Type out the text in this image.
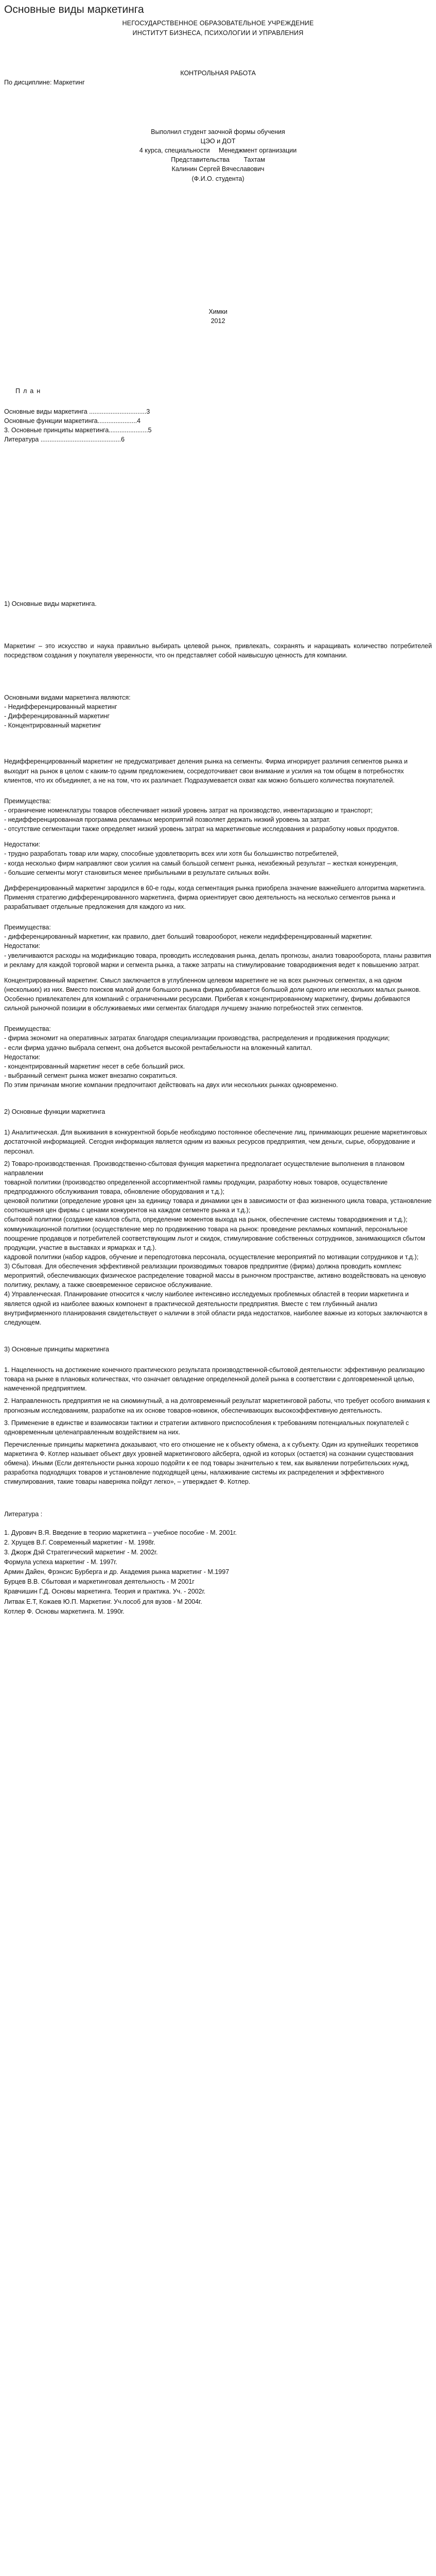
Основные виды маркетинга

НЕГОСУДАРСТВЕННОЕ ОБРАЗОВАТЕЛЬНОЕ УЧРЕЖДЕНИЕ

ИНСТИТУТ БИЗНЕСА, ПСИХОЛОГИИ И УПРАВЛЕНИЯ

КОНТРОЛЬНАЯ РАБОТА

По дисциплине: Маркетинг

Выполнил студент заочной формы обучения

ЦЭО и ДОТ

4 курса, специальности     Менеджмент организации

Представительства        Тахтам

Калинин Сергей Вячеславович

(Ф.И.О. студента)

Химки

2012

План

Основные виды маркетинга ................................3

Основные функции маркетинга......................4

3. Основные принципы маркетинга......................5

Литература .............................................6

1) Основные виды маркетинга.

Маркетинг – это искусство и наука правильно выбирать целевой рынок, привлекать, сохранять и наращивать количество потребителей посредством создания у покупателя уверенности, что он представляет собой наивысшую ценность для компании.

Основными видами маркетинга являются:

- Недифференцированный маркетинг

- Дифференцированный маркетинг

- Концентрированный маркетинг

Недифференцированный маркетинг не предусматривает деления рынка на сегменты. Фирма игнорирует различия сегментов рынка и выходит на рынок в целом с каким-то одним предложением, сосредоточивает свои внимание и усилия на том общем в потребностях клиентов, что их объединяет, а не на том, что их различает. Подразумевается охват как можно большего количества покупателей.

Преимущества:

- ограничение номенклатуры товаров обеспечивает низкий уровень затрат на производство, инвентаризацию и транспорт;
- недифференцированная программа рекламных мероприятий позволяет держать низкий уровень за затрат.
- отсутствие сегментации также определяет низкий уровень затрат на маркетинговые исследования и разработку новых продуктов.

Недостатки:

- трудно разработать товар или марку, способные удовлетворить всех или хотя бы большинство потребителей,
- когда несколько фирм направляют свои усилия на самый большой сегмент рынка, неизбежный результат – жесткая конкуренция,
- большие сегменты могут становиться менее прибыльными в результате сильных войн.

Дифференцированный маркетинг зародился в 60-е годы, когда сегментация рынка приобрела значение важнейшего алгоритма маркетинга. Применяя стратегию дифференцированного маркетинга, фирма ориентирует свою деятельность на несколько сегментов рынка и разрабатывает отдельные предложения для каждого из них.

Преимущества:

- дифференцированный маркетинг, как правило, дает больший товарооборот, нежели недифференцированный маркетинг.

Недостатки:

- увеличиваются расходы на модификацию товара, проводить исследования рынка, делать прогнозы, анализ товарооборота, планы развития и рекламу для каждой торговой марки и сегмента рынка, а также затраты на стимулирование товародвижения ведет к повышению затрат.

Концентрированный маркетинг. Смысл заключается в углубленном целевом маркетинге не на всех рыночных сегментах, а на одном (нескольких) из них. Вместо поисков малой доли большого рынка фирма добивается большой доли одного или нескольких малых рынков. Особенно привлекателен для компаний с ограниченными ресурсами. Прибегая к концентрированному маркетингу, фирмы добиваются сильной рыночной позиции в обслуживаемых ими сегментах благодаря лучшему знанию потребностей этих сегментов.

Преимущества:

- фирма экономит на оперативных затратах благодаря специализации производства, распределения и продвижения продукции;
- если фирма удачно выбрала сегмент, она добъется высокой рентабельности на вложенный капитал.

Недостатки:

- концентрированный маркетинг несет в себе больший риск.
- выбранный сегмент рынка может внезапно сократиться.

По этим причинам многие компании предпочитают действовать на двух или нескольких рынках одновременно.

2) Основные функции маркетинга

1) Аналитическая. Для выживания в конкурентной борьбе необходимо постоянное обеспечение лиц, принимающих решение маркетинговых достаточной информацией. Сегодня информация является одним из важных ресурсов предприятия, чем деньги, сырье, оборудование и персонал.

2) Товаро-производственная. Производственно-сбытовая функция маркетинга предполагает осуществление выполнения в плановом направлении

товарной политики (производство определенной ассортиментной гаммы продукции, разработку новых товаров, осуществление предпродажного обслуживания товара, обновление оборудования и т.д.);

ценовой политики (определение уровня цен за единицу товара и динамики цен в зависимости от фаз жизненного цикла товара, установление соотношения цен фирмы с ценами конкурентов на каждом сегменте рынка и т.д.);

сбытовой политики (создание каналов сбыта, определение моментов выхода на рынок, обеспечение системы товародвижения и т.д.);

коммуникационной политики (осуществление мер по продвижению товара на рынок: проведение рекламных компаний, персональное поощрение продавцов и потребителей соответствующим льгот и скидок, стимулирование собственных сотрудников, занимающихся сбытом продукции, участие в выставках и ярмарках и т.д.).

кадровой политики (набор кадров, обучение и переподготовка персонала, осуществление мероприятий по мотивации сотрудников и т.д.);

3) Сбытовая. Для обеспечения эффективной реализации производимых товаров предприятие (фирма) должна проводить комплекс мероприятий, обеспечивающих физическое распределение товарной массы в рыночном пространстве, активно воздействовать на ценовую политику, рекламу, а также своевременное сервисное обслуживание.

4) Управленческая. Планирование относится к числу наиболее интенсивно исследуемых проблемных областей в теории маркетинга и является одной из наиболее важных компонент в практической деятельности предприятия. Вместе с тем глубинный анализ внутрифирменного планирования свидетельствует о наличии в этой области ряда недостатков, наиболее важные из которых заключаются в следующем.

3) Основные принципы маркетинга

1. Нацеленность на достижение конечного практического результата производственной-сбытовой деятельности: эффективную реализацию товара на рынке в плановых количествах, что означает овладение определенной долей рынка в соответствии с долговременной целью, намеченной предприятием.

2. Направленность предприятия не на сиюминутный, а на долговременный результат маркетинговой работы, что требует особого внимания к прогнозным исследованиям, разработке на их основе товаров-новинок, обеспечивающих высокоэффективную деятельность.

3. Применение в единстве и взаимосвязи тактики и стратегии активного приспособления к требованиям потенциальных покупателей с одновременным целенаправленным воздействием на них.

Перечисленные принципы маркетинга доказывают, что его отношение не к объекту обмена, а к субъекту. Один из крупнейших теоретиков маркетинга Ф. Котлер называет объект двух уровней маркетингового айсберга, одной из которых (остается) на сознании существования обмена). Иными (Если деятельности рынка хорошо подойти к ее под товары значительно к тем, как выявлении потребительских нужд, разработка подходящих товаров и установление подходящей цены, налаживание системы их распределения и эффективного стимулирования, такие товары наверняка пойдут легко», – утверждает Ф. Котлер.

Литература :

1. Дурович В.Я. Введение в теорию маркетинга – учебное пособие - М. 2001г.

2. Хрущев В.Г. Современный маркетинг - М. 1998г.

3. Джорж Дэй Стратегический маркетинг - М. 2002г.

Формула успеха маркетинг - М. 1997г.

Армин Дайен, Фрэнсис Бурберга и др. Академия рынка маркетинг - М.1997

Бурцев В.В. Сбытовая и маркетинговая деятельность - М 2001г

Кравчишин Г.Д. Основы маркетинга. Теория и практика. Уч. - 2002г.

Литвак Е.Т, Кожаев Ю.П. Маркетинг. Уч.пособ для вузов - М 2004г.

Котлер Ф. Основы маркетинга. М. 1990г.
